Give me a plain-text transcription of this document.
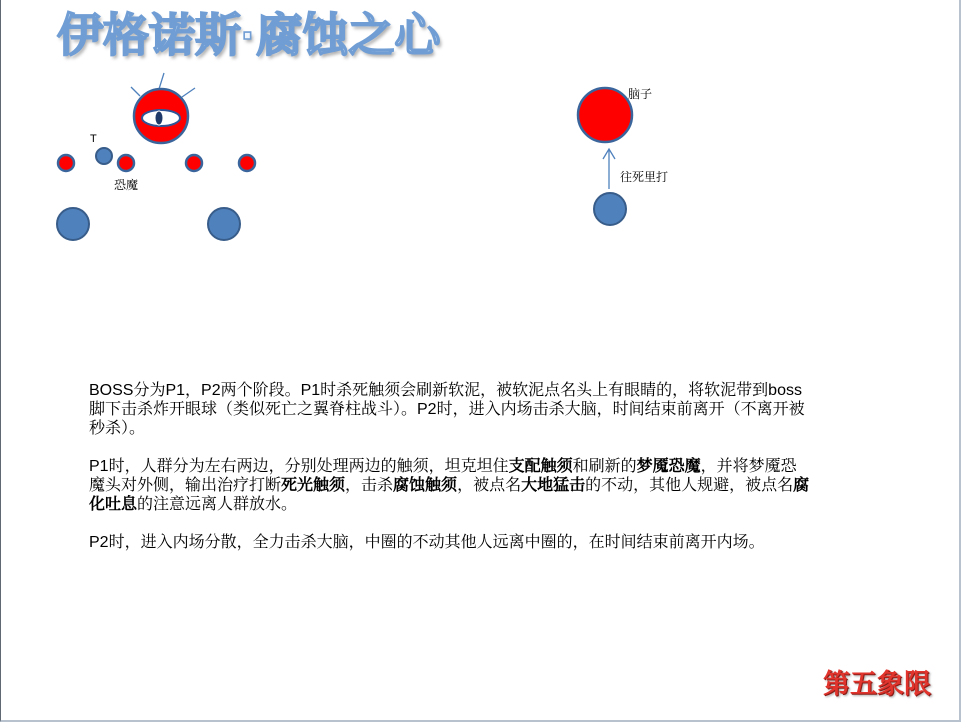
T
恐魔
脑子
往死里打
伊格诺斯·腐蚀之心

BOSS分为P1，P2两个阶段。P1时杀死触须会刷新软泥，被软泥点名头上有眼睛的，将软泥带到boss脚下击杀炸开眼球（类似死亡之翼脊柱战斗）。P2时，进入内场击杀大脑，时间结束前离开（不离开被秒杀）。

P1时，人群分为左右两边，分别处理两边的触须，坦克坦住支配触须和刷新的梦魇恐魔，并将梦魇恐魔头对外侧，输出治疗打断死光触须，击杀腐蚀触须，被点名大地猛击的不动，其他人规避，被点名腐化吐息的注意远离人群放水。

P2时，进入内场分散，全力击杀大脑，中圈的不动其他人远离中圈的，在时间结束前离开内场。

第五象限
